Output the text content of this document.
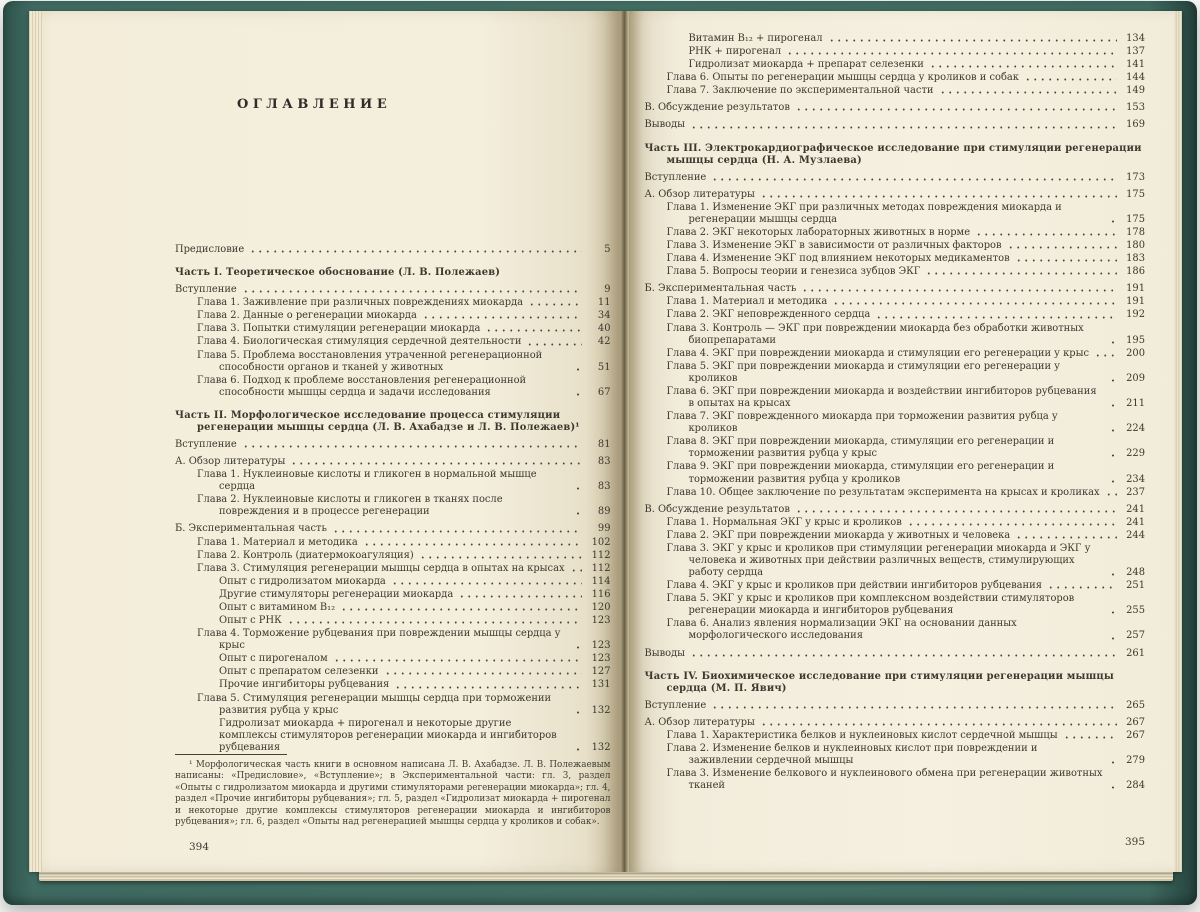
ОГЛАВЛЕНИЕ
Предисловие	5
Часть I. Теоретическое обоснование (Л. В. Полежаев)
Вступление	9
Глава 1. Заживление при различных повреждениях миокарда	11
Глава 2. Данные о регенерации миокарда	34
Глава 3. Попытки стимуляции регенерации миокарда	40
Глава 4. Биологическая стимуляция сердечной деятельности	42
Глава 5. Проблема восстановления утраченной регенерационной способности органов и тканей у животных	51
Глава 6. Подход к проблеме восстановления регенерационной способности мышцы сердца и задачи исследования	67
Часть II. Морфологическое исследование процесса стимуляции регенерации мышцы сердца (Л. В. Ахабадзе и Л. В. Полежаев)¹
Вступление	81
А. Обзор литературы	83
Глава 1. Нуклеиновые кислоты и гликоген в нормальной мышце сердца	83
Глава 2. Нуклеиновые кислоты и гликоген в тканях после повреждения и в процессе регенерации	89
Б. Экспериментальная часть	99
Глава 1. Материал и методика	102
Глава 2. Контроль (диатермокоагуляция)	112
Глава 3. Стимуляция регенерации мышцы сердца в опытах на крысах	112
Опыт с гидролизатом миокарда	114
Другие стимуляторы регенерации миокарда	116
Опыт с витамином В₁₂	120
Опыт с РНК	123
Глава 4. Торможение рубцевания при повреждении мышцы сердца у крыс	123
Опыт с пирогеналом	123
Опыт с препаратом селезенки	127
Прочие ингибиторы рубцевания	131
Глава 5. Стимуляция регенерации мышцы сердца при торможении развития рубца у крыс	132
Гидролизат миокарда + пирогенал и некоторые другие комплексы стимуляторов регенерации миокарда и ингибиторов рубцевания	132

¹ Морфологическая часть книги в основном написана Л. В. Ахабадзе. Л. В. Полежаевым написаны: «Предисловие», «Вступление»; в Экспериментальной части: гл. 3, раздел «Опыты с гидролизатом миокарда и другими стимуляторами регенерации миокарда»; гл. 4, раздел «Прочие ингибиторы рубцевания»; гл. 5, раздел «Гидролизат миокарда + пирогенал и некоторые другие комплексы стимуляторов регенерации миокарда и ингибиторов рубцевания»; гл. 6, раздел «Опыты над регенерацией мышцы сердца у кроликов и собак».

394
Витамин В₁₂ + пирогенал	134
РНК + пирогенал	137
Гидролизат миокарда + препарат селезенки	141
Глава 6. Опыты по регенерации мышцы сердца у кроликов и собак	144
Глава 7. Заключение по экспериментальной части	149
В. Обсуждение результатов	153
Выводы	169
Часть III. Электрокардиографическое исследование при стимуляции регенерации мышцы сердца (Н. А. Музлаева)
Вступление	173
А. Обзор литературы	175
Глава 1. Изменение ЭКГ при различных методах повреждения миокарда и регенерации мышцы сердца	175
Глава 2. ЭКГ некоторых лабораторных животных в норме	178
Глава 3. Изменение ЭКГ в зависимости от различных факторов	180
Глава 4. Изменение ЭКГ под влиянием некоторых медикаментов	183
Глава 5. Вопросы теории и генезиса зубцов ЭКГ	186
Б. Экспериментальная часть	191
Глава 1. Материал и методика	191
Глава 2. ЭКГ неповрежденного сердца	192
Глава 3. Контроль — ЭКГ при повреждении миокарда без обработки животных биопрепаратами	195
Глава 4. ЭКГ при повреждении миокарда и стимуляции его регенерации у крыс	200
Глава 5. ЭКГ при повреждении миокарда и стимуляции его регенерации у кроликов	209
Глава 6. ЭКГ при повреждении миокарда и воздействии ингибиторов рубцевания в опытах на крысах	211
Глава 7. ЭКГ поврежденного миокарда при торможении развития рубца у кроликов	224
Глава 8. ЭКГ при повреждении миокарда, стимуляции его регенерации и торможении развития рубца у крыс	229
Глава 9. ЭКГ при повреждении миокарда, стимуляции его регенерации и торможении развития рубца у кроликов	234
Глава 10. Общее заключение по результатам эксперимента на крысах и кроликах	237
В. Обсуждение результатов	241
Глава 1. Нормальная ЭКГ у крыс и кроликов	241
Глава 2. ЭКГ при повреждении миокарда у животных и человека	244
Глава 3. ЭКГ у крыс и кроликов при стимуляции регенерации миокарда и ЭКГ у человека и животных при действии различных веществ, стимулирующих работу сердца	248
Глава 4. ЭКГ у крыс и кроликов при действии ингибиторов рубцевания	251
Глава 5. ЭКГ у крыс и кроликов при комплексном воздействии стимуляторов регенерации миокарда и ингибиторов рубцевания	255
Глава 6. Анализ явления нормализации ЭКГ на основании данных морфологического исследования	257
Выводы	261
Часть IV. Биохимическое исследование при стимуляции регенерации мышцы сердца (М. П. Явич)
Вступление	265
А. Обзор литературы	267
Глава 1. Характеристика белков и нуклеиновых кислот сердечной мышцы	267
Глава 2. Изменение белков и нуклеиновых кислот при повреждении и заживлении сердечной мышцы	279
Глава 3. Изменение белкового и нуклеинового обмена при регенерации животных тканей	284
395
